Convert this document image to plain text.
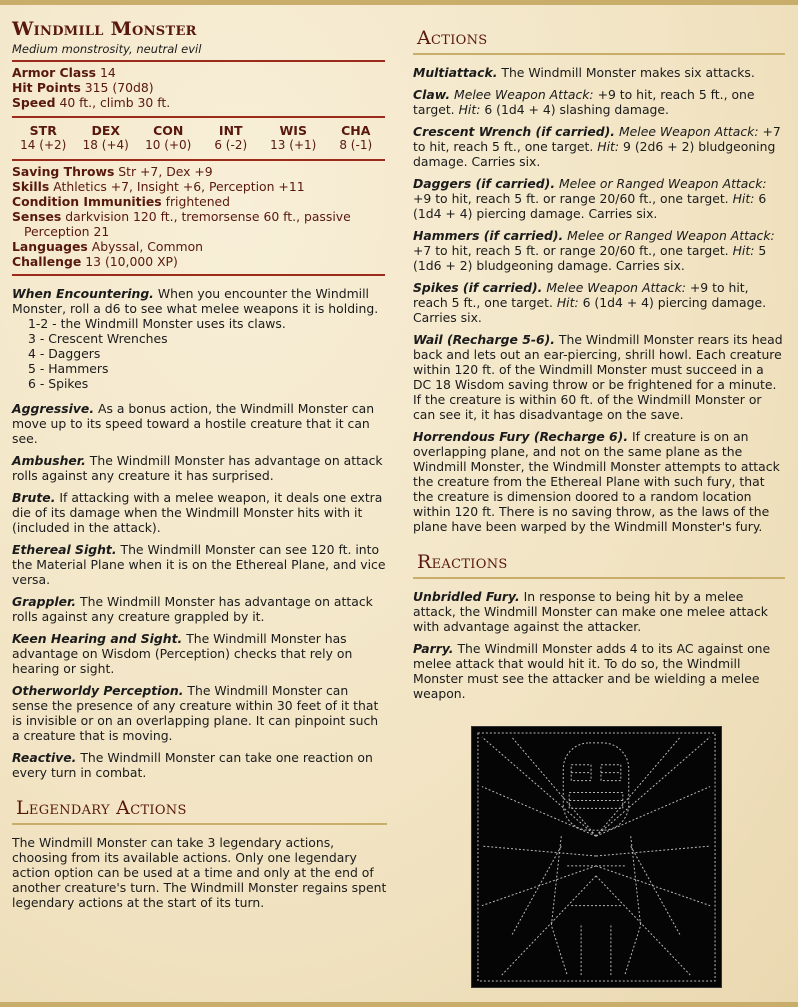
Windmill Monster
Medium monstrosity, neutral evil
Armor Class 14
Hit Points 315 (70d8)
Speed 40 ft., climb 30 ft.
STR
14 (+2)
DEX
18 (+4)
CON
10 (+0)
INT
6 (-2)
WIS
13 (+1)
CHA
8 (-1)
Saving Throws Str +7, Dex +9
Skills Athletics +7, Insight +6, Perception +11
Condition Immunities frightened
Senses darkvision 120 ft., tremorsense 60 ft., passive
Perception 21
Languages Abyssal, Common
Challenge 13 (10,000 XP)
When Encountering. When you encounter the Windmill Monster, roll a d6 to see what melee weapons it is holding.
1-2 - the Windmill Monster uses its claws.
3 - Crescent Wrenches
4 - Daggers
5 - Hammers
6 - Spikes
Aggressive. As a bonus action, the Windmill Monster can move up to its speed toward a hostile creature that it can see.
Ambusher. The Windmill Monster has advantage on attack rolls against any creature it has surprised.
Brute. If attacking with a melee weapon, it deals one extra die of its damage when the Windmill Monster hits with it (included in the attack).
Ethereal Sight. The Windmill Monster can see 120 ft. into the Material Plane when it is on the Ethereal Plane, and vice versa.
Grappler. The Windmill Monster has advantage on attack rolls against any creature grappled by it.
Keen Hearing and Sight. The Windmill Monster has advantage on Wisdom (Perception) checks that rely on hearing or sight.
Otherworldy Perception. The Windmill Monster can sense the presence of any creature within 30 feet of it that is invisible or on an overlapping plane. It can pinpoint such a creature that is moving.
Reactive. The Windmill Monster can take one reaction on every turn in combat.
Legendary Actions
The Windmill Monster can take 3 legendary actions, choosing from its available actions. Only one legendary action option can be used at a time and only at the end of another creature's turn. The Windmill Monster regains spent legendary actions at the start of its turn.
Actions
Multiattack. The Windmill Monster makes six attacks.
Claw. Melee Weapon Attack: +9 to hit, reach 5 ft., one target. Hit: 6 (1d4 + 4) slashing damage.
Crescent Wrench (if carried). Melee Weapon Attack: +7 to hit, reach 5 ft., one target. Hit: 9 (2d6 + 2) bludgeoning damage. Carries six.
Daggers (if carried). Melee or Ranged Weapon Attack: +9 to hit, reach 5 ft. or range 20/60 ft., one target. Hit: 6 (1d4 + 4) piercing damage. Carries six.
Hammers (if carried). Melee or Ranged Weapon Attack: +7 to hit, reach 5 ft. or range 20/60 ft., one target. Hit: 5 (1d6 + 2) bludgeoning damage. Carries six.
Spikes (if carried). Melee Weapon Attack: +9 to hit, reach 5 ft., one target. Hit: 6 (1d4 + 4) piercing damage. Carries six.
Wail (Recharge 5-6). The Windmill Monster rears its head back and lets out an ear-piercing, shrill howl. Each creature within 120 ft. of the Windmill Monster must succeed in a DC 18 Wisdom saving throw or be frightened for a minute. If the creature is within 60 ft. of the Windmill Monster or can see it, it has disadvantage on the save.
Horrendous Fury (Recharge 6). If creature is on an overlapping plane, and not on the same plane as the Windmill Monster, the Windmill Monster attempts to attack the creature from the Ethereal Plane with such fury, that the creature is dimension doored to a random location within 120 ft. There is no saving throw, as the laws of the plane have been warped by the Windmill Monster's fury.
Reactions
Unbridled Fury. In response to being hit by a melee attack, the Windmill Monster can make one melee attack with advantage against the attacker.
Parry. The Windmill Monster adds 4 to its AC against one melee attack that would hit it. To do so, the Windmill Monster must see the attacker and be wielding a melee weapon.
